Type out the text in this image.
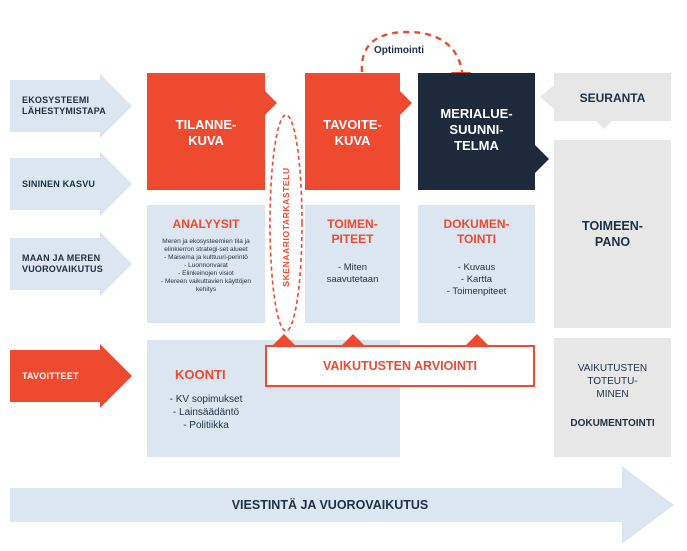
EKOSYSTEEMI LÄHESTYMISTAPA
SININEN KASVU
MAAN JA MEREN VUOROVAIKUTUS
TAVOITTEET
Optimointi
TILANNE-
KUVA
TAVOITE-
KUVA
MERIALUE-
SUUNNI-
TELMA
SEURANTA
TOIMEEN-
PANO
VAIKUTUSTEN
TOTEUTU-
MINEN
DOKUMENTOINTI
ANALYYSIT
Meren ja ekosysteemien tila ja elinkierron strategi-set alueet
- Maisema ja kulttuuri-perintö
- Luonnonvarat
- Elinkeinojen visiot
- Mereen vaikuttavien käyttöjen kehitys
TOIMEN-
PITEET
- Miten
saavutetaan
DOKUMEN-
TOINTI
- Kuvaus
- Kartta
- Toimenpiteet
SKENAARIOTARKASTELU
KOONTI
- KV sopimukset
- Lainsäädäntö
- Politiikka
VAIKUTUSTEN ARVIOINTI
VIESTINTÄ JA VUOROVAIKUTUS
